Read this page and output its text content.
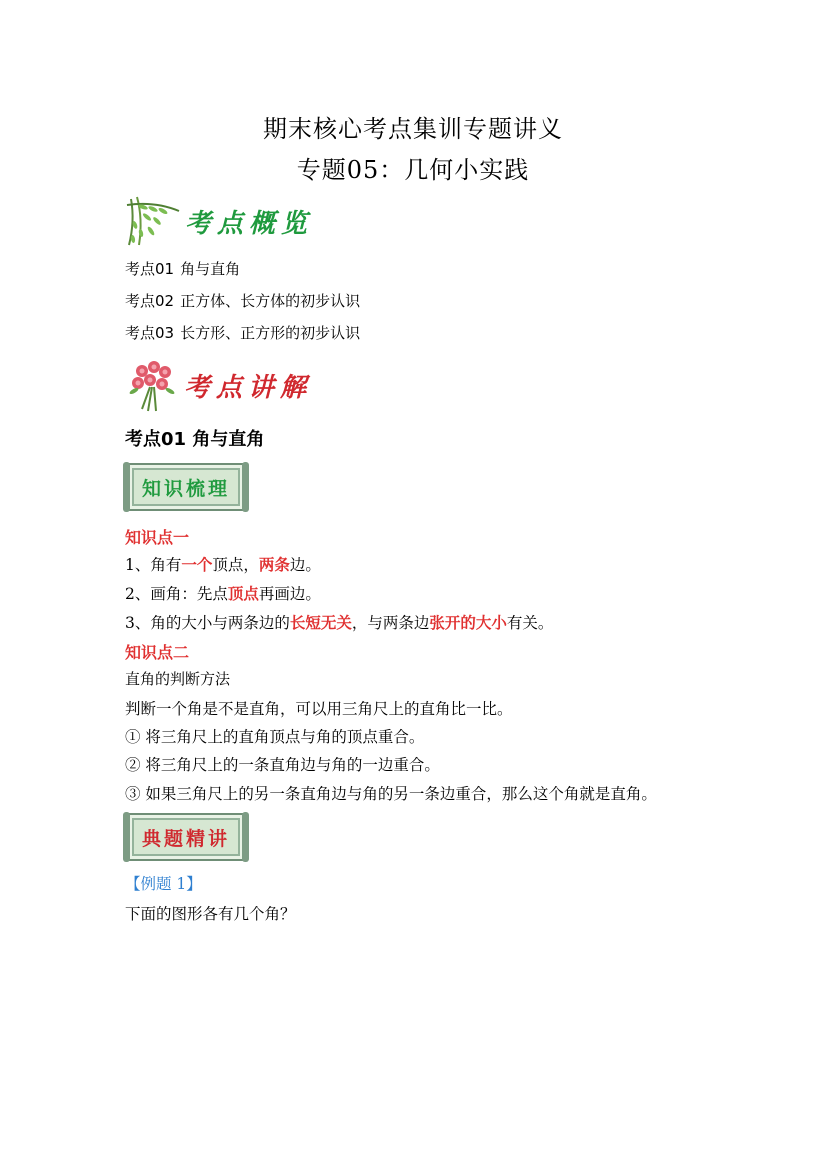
期末核心考点集训专题讲义
专题05：几何小实践
考点概览
考点01 角与直角
考点02 正方体、长方体的初步认识
考点03 长方形、正方形的初步认识
考点讲解
考点01 角与直角
知识梳理
知识点一
1、角有一个顶点，两条边。
2、画角：先点顶点再画边。
3、角的大小与两条边的长短无关，与两条边张开的大小有关。
知识点二
直角的判断方法
判断一个角是不是直角，可以用三角尺上的直角比一比。
① 将三角尺上的直角顶点与角的顶点重合。
② 将三角尺上的一条直角边与角的一边重合。
③ 如果三角尺上的另一条直角边与角的另一条边重合，那么这个角就是直角。
典题精讲
【例题 1】
下面的图形各有几个角？
